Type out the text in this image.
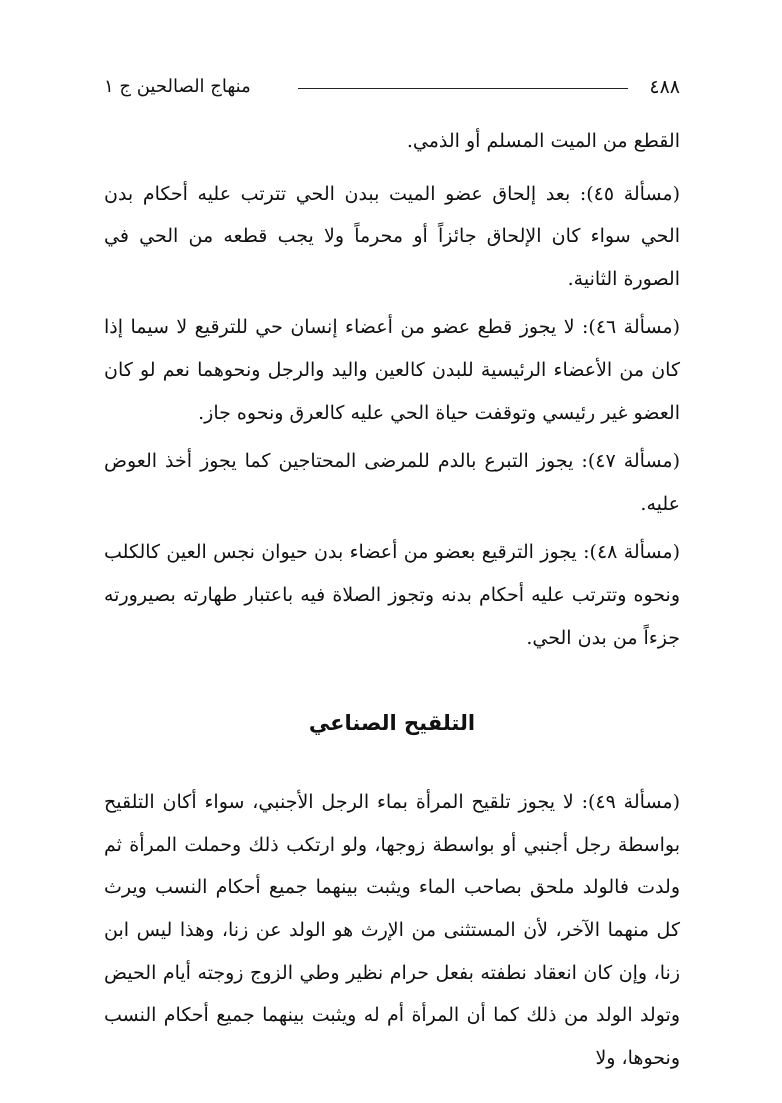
٤٨٨
منهاج الصالحين ج ١

القطع من الميت المسلم أو الذمي.

(مسألة ٤٥): بعد إلحاق عضو الميت ببدن الحي تترتب عليه أحكام بدن الحي سواء كان الإلحاق جائزاً أو محرماً ولا يجب قطعه من الحي في الصورة الثانية.

(مسألة ٤٦): لا يجوز قطع عضو من أعضاء إنسان حي للترقيع لا سيما إذا كان من الأعضاء الرئيسية للبدن كالعين واليد والرجل ونحوهما نعم لو كان العضو غير رئيسي وتوقفت حياة الحي عليه كالعرق ونحوه جاز.

(مسألة ٤٧): يجوز التبرع بالدم للمرضى المحتاجين كما يجوز أخذ العوض عليه.

(مسألة ٤٨): يجوز الترقيع بعضو من أعضاء بدن حيوان نجس العين كالكلب ونحوه وتترتب عليه أحكام بدنه وتجوز الصلاة فيه باعتبار طهارته بصيرورته جزءاً من بدن الحي.

التلقيح الصناعي

(مسألة ٤٩): لا يجوز تلقيح المرأة بماء الرجل الأجنبي، سواء أكان التلقيح بواسطة رجل أجنبي أو بواسطة زوجها، ولو ارتكب ذلك وحملت المرأة ثم ولدت فالولد ملحق بصاحب الماء ويثبت بينهما جميع أحكام النسب ويرث كل منهما الآخر، لأن المستثنى من الإرث هو الولد عن زنا، وهذا ليس ابن زنا، وإن كان انعقاد نطفته بفعل حرام نظير وطي الزوج زوجته أيام الحيض وتولد الولد من ذلك كما أن المرأة أم له ويثبت بينهما جميع أحكام النسب ونحوها، ولا
